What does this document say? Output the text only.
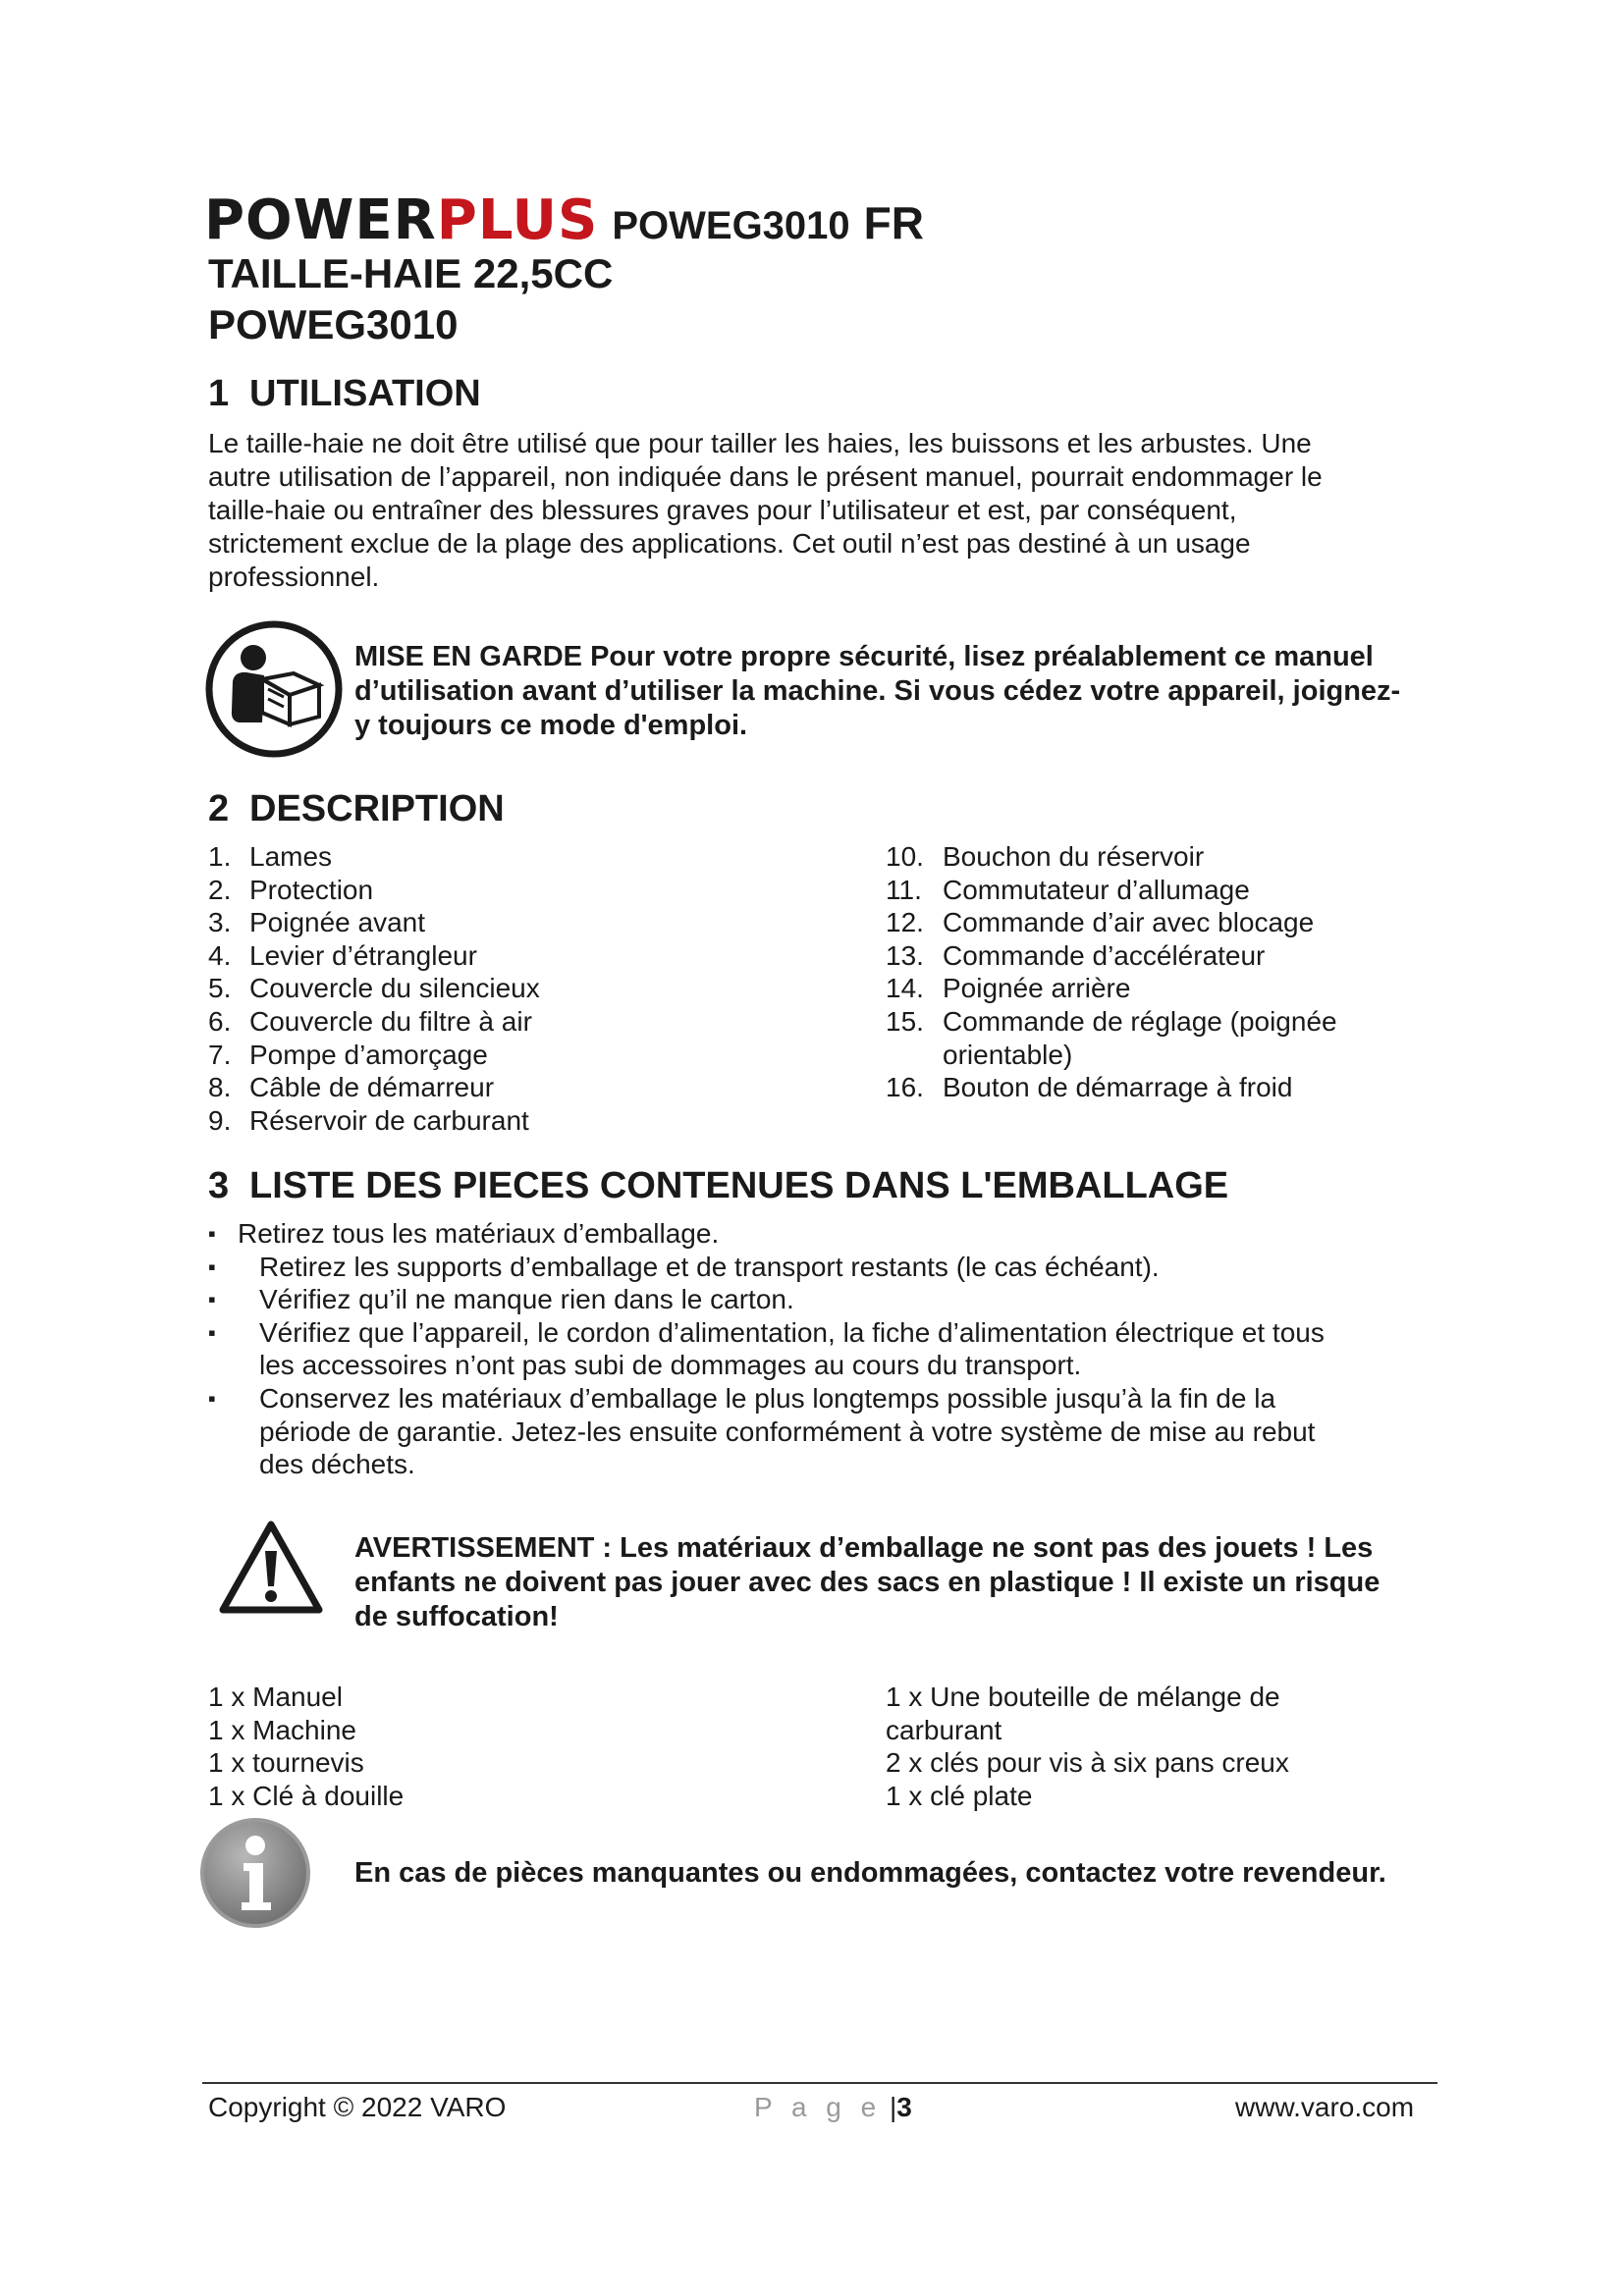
POWERPLUS POWEG3010 FR
TAILLE-HAIE 22,5CC
POWEG3010
1 UTILISATION
Le taille-haie ne doit être utilisé que pour tailler les haies, les buissons et les arbustes. Une
autre utilisation de l’appareil, non indiquée dans le présent manuel, pourrait endommager le
taille-haie ou entraîner des blessures graves pour l’utilisateur et est, par conséquent,
strictement exclue de la plage des applications. Cet outil n’est pas destiné à un usage
professionnel.
MISE EN GARDE Pour votre propre sécurité, lisez préalablement ce manuel
d’utilisation avant d’utiliser la machine. Si vous cédez votre appareil, joignez-
y toujours ce mode d'emploi.
2 DESCRIPTION
1. Lames
2. Protection
3. Poignée avant
4. Levier d’étrangleur
5. Couvercle du silencieux
6. Couvercle du filtre à air
7. Pompe d’amorçage
8. Câble de démarreur
9. Réservoir de carburant
10. Bouchon du réservoir
11. Commutateur d’allumage
12. Commande d’air avec blocage
13. Commande d’accélérateur
14. Poignée arrière
15. Commande de réglage (poignée
orientable)
16. Bouton de démarrage à froid
3 LISTE DES PIECES CONTENUES DANS L'EMBALLAGE
▪ Retirez tous les matériaux d’emballage.
▪ Retirez les supports d’emballage et de transport restants (le cas échéant).
▪ Vérifiez qu’il ne manque rien dans le carton.
▪ Vérifiez que l’appareil, le cordon d’alimentation, la fiche d’alimentation électrique et tous
les accessoires n’ont pas subi de dommages au cours du transport.
▪ Conservez les matériaux d’emballage le plus longtemps possible jusqu’à la fin de la
période de garantie. Jetez-les ensuite conformément à votre système de mise au rebut
des déchets.
AVERTISSEMENT : Les matériaux d’emballage ne sont pas des jouets ! Les
enfants ne doivent pas jouer avec des sacs en plastique ! Il existe un risque
de suffocation!
1 x Manuel
1 x Machine
1 x tournevis
1 x Clé à douille
1 x Une bouteille de mélange de
carburant
2 x clés pour vis à six pans creux
1 x clé plate
En cas de pièces manquantes ou endommagées, contactez votre revendeur.
Copyright © 2022 VARO	P a g e |3	www.varo.com
